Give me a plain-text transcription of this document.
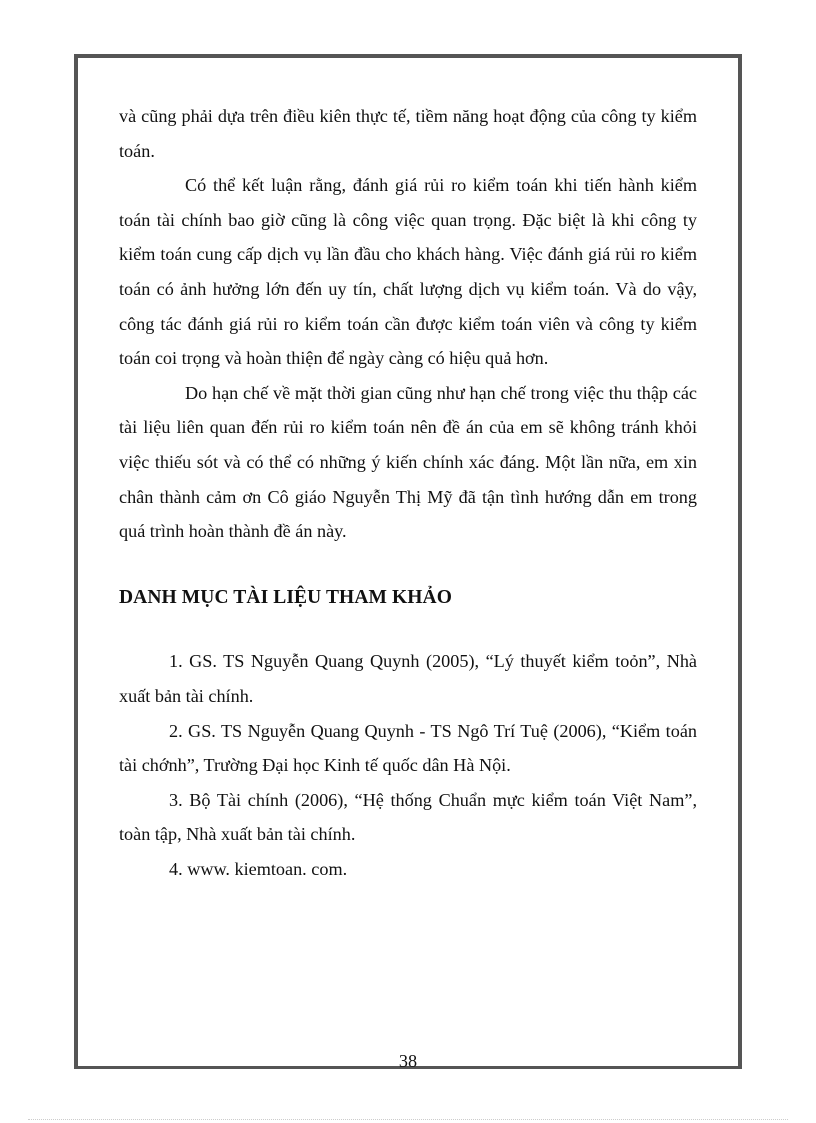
và cũng phải dựa trên điều kiên thực tế, tiềm năng hoạt động của công ty kiểm toán.

Có thể kết luận rằng, đánh giá rủi ro kiểm toán khi tiến hành kiểm toán tài chính bao giờ cũng là công việc quan trọng. Đặc biệt là khi công ty kiểm toán cung cấp dịch vụ lần đầu cho khách hàng. Việc đánh giá rủi ro kiểm toán có ảnh hưởng lớn đến uy tín, chất lượng dịch vụ kiểm toán. Và do vậy, công tác đánh giá rủi ro kiểm toán cần được kiểm toán viên và công ty kiểm toán coi trọng và hoàn thiện để ngày càng có hiệu quả hơn.

Do hạn chế về mặt thời gian cũng như hạn chế trong việc thu thập các tài liệu liên quan đến rủi ro kiểm toán nên đề án của em sẽ không tránh khỏi việc thiếu sót và có thể có những ý kiến chính xác đáng. Một lần nữa, em xin chân thành cảm ơn Cô giáo Nguyễn Thị Mỹ đã tận tình hướng dẫn em trong quá trình hoàn thành đề án này.

DANH MỤC TÀI LIỆU THAM KHẢO

1. GS. TS Nguyễn Quang Quynh (2005), “Lý thuyết kiểm toỏn”, Nhà xuất bản tài chính.

2. GS. TS Nguyễn Quang Quynh - TS Ngô Trí Tuệ (2006), “Kiểm toán tài chớnh”, Trường Đại học Kinh tế quốc dân Hà Nội.

3. Bộ Tài chính (2006), “Hệ thống Chuẩn mực kiểm toán Việt Nam”, toàn tập, Nhà xuất bản tài chính.

4. www. kiemtoan. com.

38
